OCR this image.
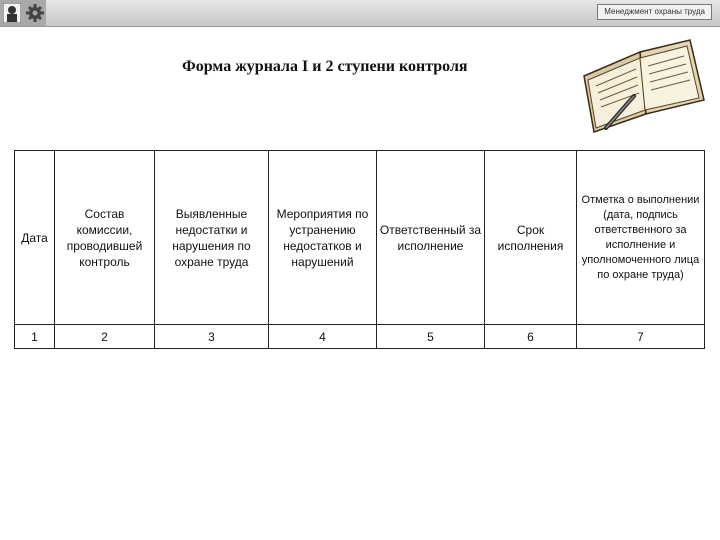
Менеджмент охраны труда
Форма журнала I и 2 ступени контроля
Дата	Состав комиссии, проводившей контроль	Выявленные недостатки и нарушения по охране труда	Мероприятия по устранению недостатков и нарушений	Ответственный за исполнение	Срок исполнения	Отметка о выполнении (дата, подпись ответственного за исполнение и уполномоченного лица по охране труда)
1	2	3	4	5	6	7
